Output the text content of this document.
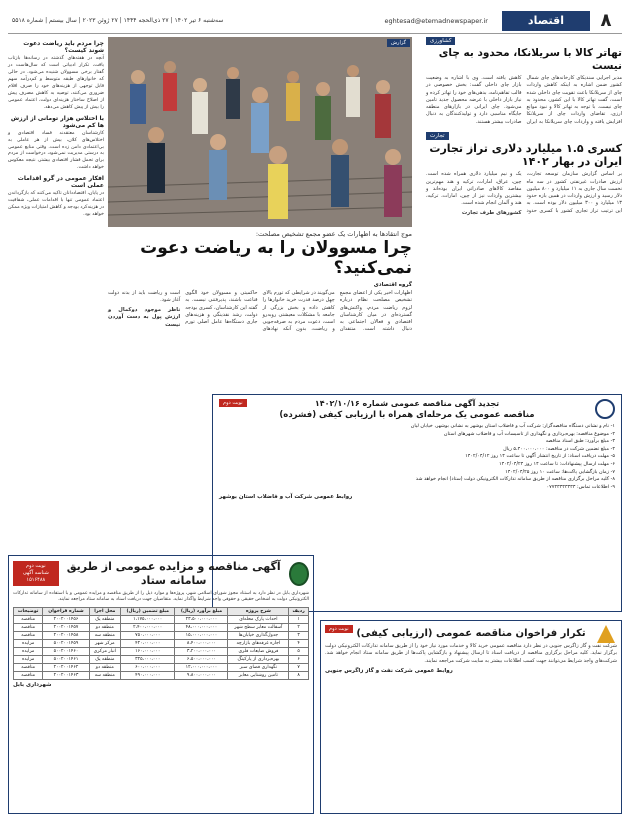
۸
اقتصاد
eghtesad@etemadnewspaper.ir
سه‌شنبه ۶ تیر ۱۴۰۲ | ۲۷ ذی‌الحجه ۱۴۴۴ | ۲۷ ژوئن ۲۰۲۳ | سال بیستم | شماره ۵۵۱۸
کشاورزی
تهاتر کالا با سریلانکا، محدود به چای نیست
مدیر اجرایی سندیکای کارخانه‌های چای شمال کشور ضمن اشاره به اینکه کاهش واردات چای از سریلانکا باعث تقویت چای داخلی شده است، گفت تهاتر کالا با این کشور، محدود به چای نیست. با توجه به تهاتر کالا و نبود موانع ارزی، تقاضای واردات چای از سریلانکا افزایش یافته و واردات چای سریلانکا به ایران کاهش یافته است. وی با اشاره به وضعیت بازار چای داخلی گفت: بخش خصوصی در قالب تفاهم‌نامه، بدهی‌های خود را تهاتر کرده و نیاز بازار داخلی با عرضه محصول جدید تامین می‌شود. چای ایرانی در بازارهای منطقه جایگاه مناسبی دارد و تولیدکنندگان به دنبال صادرات بیشتر هستند.
تجارت
کسری ۱.۵ میلیارد دلاری تراز تجارت ایران در بهار ۱۴۰۲
بر اساس گزارش سازمان توسعه تجارت، ارزش صادرات غیرنفتی کشور در سه ماه نخست سال جاری به ۱۱ میلیارد و ۸۰۰ میلیون دلار رسید و ارزش واردات در همین بازه حدود ۱۳ میلیارد و ۳۰۰ میلیون دلار بوده است. به این ترتیب تراز تجاری کشور با کسری حدود یک و نیم میلیارد دلاری همراه شده است. چین، عراق، امارات، ترکیه و هند مهم‌ترین مقاصد کالاهای صادراتی ایران بوده‌اند و بیشترین واردات نیز از چین، امارات، ترکیه، هند و آلمان انجام شده است.
کشورهای طرف تجارت
گزارش
چرا مردم باید ریاضت دعوت شوند کیست؟
آنچه در هفته‌های گذشته در رسانه‌ها بازتاب یافت، تکرار ادبیاتی است که سال‌هاست در گفتار برخی مسوولان شنیده می‌شود. در حالی که خانوارهای طبقه متوسط و کم‌درآمد سهم قابل توجهی از هزینه‌های خود را صرف اقلام ضروری می‌کنند، توصیه به کاهش مصرف پیش از اصلاح ساختار هزینه‌ای دولت، اعتماد عمومی را بیش از پیش کاهش می‌دهد.
با اختلاس هزار تومانی از ارزش ها کم می‌شود
کارشناسان معتقدند فساد اقتصادی و اختلاس‌های کلان، بیش از هر عاملی به بی‌اعتمادی دامن زده است. وقتی منابع عمومی به درستی مدیریت نمی‌شود، درخواست از مردم برای تحمل فشار اقتصادی بیشتر، نتیجه معکوس خواهد داشت.
افکار عمومی در گرو اقدامات عملی است
در پایان، اقتصاددانان تاکید می‌کنند که بازگرداندن اعتماد عمومی تنها با اقدامات عملی، شفافیت در هزینه‌کرد بودجه و کاهش امتیازات ویژه ممکن خواهد بود.
موج انتقادها به اظهارات یک عضو مجمع تشخیص مصلحت:
چرا مسوولان را به ریاضت دعوت نمی‌کنید؟
گروه اقتصادی
اظهارات اخیر یکی از اعضای مجمع تشخیص مصلحت نظام درباره لزوم ریاضت مردم، واکنش‌های گسترده‌ای در میان کارشناسان اقتصادی و فعالان اجتماعی به دنبال داشته است. منتقدان می‌گویند در شرایطی که تورم بالای چهل درصد قدرت خرید خانوارها را کاهش داده و بخش بزرگی از جامعه با مشکلات معیشتی روبه‌رو است، دعوت مردم به صرفه‌جویی و ریاضت، بدون آنکه نهادهای حاکمیتی و مسوولان خود الگوی قناعت باشند، پذیرفتنی نیست. به گفته این کارشناسان، کسری بودجه دولت، رشد نقدینگی و هزینه‌های جاری دستگاه‌ها عامل اصلی تورم است و ریاضت باید از بدنه دولت آغاز شود.
ناظر موجود دوکمال و ارزش پول به دست آوردن نیست
نوبت دوم	تجدید آگهی مناقصه عمومی شماره ۱۴۰۲/۱۰/۱۶
مناقصه عمومی یک مرحله‌ای همراه با ارزیابی کیفی (فشرده)
۱- نام و نشانی دستگاه مناقصه‌گزار: شرکت آب و فاضلاب استان بوشهر به نشانی بوشهر، خیابان لیان
۲- موضوع مناقصه: بهره‌برداری و نگهداری از تاسیسات آب و فاضلاب شهرهای استان
۳- مبلغ برآورد: طبق اسناد مناقصه
۴- مبلغ تضمین شرکت در مناقصه: ۵،۴۰۰،۰۰۰،۰۰۰ ریال
۵- مهلت دریافت اسناد: از تاریخ انتشار آگهی تا ساعت ۱۴ روز ۱۴۰۲/۰۴/۱۲
۶- مهلت ارسال پیشنهادات: تا ساعت ۱۴ روز ۱۴۰۲/۰۴/۲۴
۷- زمان بازگشایی پاکت‌ها: ساعت ۱۰ روز ۱۴۰۲/۰۴/۲۵
۸- کلیه مراحل برگزاری مناقصه از طریق سامانه تدارکات الکترونیکی دولت (ستاد) انجام خواهد شد
۹- اطلاعات تماس: ۰۷۷۳۳۳۳۳۳۳۳
روابط عمومی شرکت آب و فاضلاب استان بوشهر
آگهی مناقصه و مزایده عمومی از طریق سامانه ستاد
نوبت دوم
شناسه آگهی ۱۵۱۶۴۸۸
شهرداری بابل در نظر دارد به استناد مجوز شورای اسلامی شهر، پروژه‌ها و موارد ذیل را از طریق مناقصه و مزایده عمومی و با استفاده از سامانه تدارکات الکترونیکی دولت به اشخاص حقیقی و حقوقی واجد شرایط واگذار نماید. متقاضیان جهت دریافت اسناد به سامانه ستاد مراجعه نمایند.
ردیف	شرح پروژه	مبلغ برآورد (ریال)	مبلغ تضمین (ریال)	محل اجرا	شماره فراخوان	توضیحات
۱	احداث پارک محله‌ای	۲۳،۵۰۰،۰۰۰،۰۰۰	۱،۱۷۵،۰۰۰،۰۰۰	منطقه یک	۲۰۰۲۰۰۱۴۵۶	مناقصه
۲	آسفالت معابر سطح شهر	۴۸،۰۰۰،۰۰۰،۰۰۰	۲،۴۰۰،۰۰۰،۰۰۰	منطقه دو	۲۰۰۲۰۰۱۴۵۷	مناقصه
۳	جدول‌گذاری خیابان‌ها	۱۵،۰۰۰،۰۰۰،۰۰۰	۷۵۰،۰۰۰،۰۰۰	منطقه سه	۲۰۰۲۰۰۱۴۵۸	مناقصه
۴	اجاره غرفه‌های بازارچه	۸،۴۰۰،۰۰۰،۰۰۰	۴۲۰،۰۰۰،۰۰۰	مرکز شهر	۵۰۰۲۰۰۱۴۵۹	مزایده
۵	فروش ضایعات فلزی	۳،۲۰۰،۰۰۰،۰۰۰	۱۶۰،۰۰۰،۰۰۰	انبار مرکزی	۵۰۰۲۰۰۱۴۶۰	مزایده
۶	بهره‌برداری از پارکینگ	۶،۵۰۰،۰۰۰،۰۰۰	۳۲۵،۰۰۰،۰۰۰	منطقه یک	۵۰۰۲۰۰۱۴۶۱	مزایده
۷	نگهداری فضای سبز	۱۲،۰۰۰،۰۰۰،۰۰۰	۶۰۰،۰۰۰،۰۰۰	منطقه دو	۲۰۰۲۰۰۱۴۶۲	مناقصه
۸	تامین روشنایی معابر	۹،۸۰۰،۰۰۰،۰۰۰	۴۹۰،۰۰۰،۰۰۰	منطقه سه	۲۰۰۲۰۰۱۴۶۳	مناقصه
شهرداری بابل
نوبت دوم تکرار فراخوان مناقصه عمومی (ارزیابی کیفی)
شرکت نفت و گاز زاگرس جنوبی در نظر دارد مناقصه عمومی خرید کالا و خدمات مورد نیاز خود را از طریق سامانه تدارکات الکترونیکی دولت برگزار نماید. کلیه مراحل برگزاری مناقصه از دریافت اسناد تا ارسال پیشنهاد و بازگشایی پاکت‌ها از طریق سامانه ستاد انجام خواهد شد. شرکت‌های واجد شرایط می‌توانند جهت کسب اطلاعات بیشتر به سایت شرکت مراجعه نمایند.
روابط عمومی شرکت نفت و گاز زاگرس جنوبی
